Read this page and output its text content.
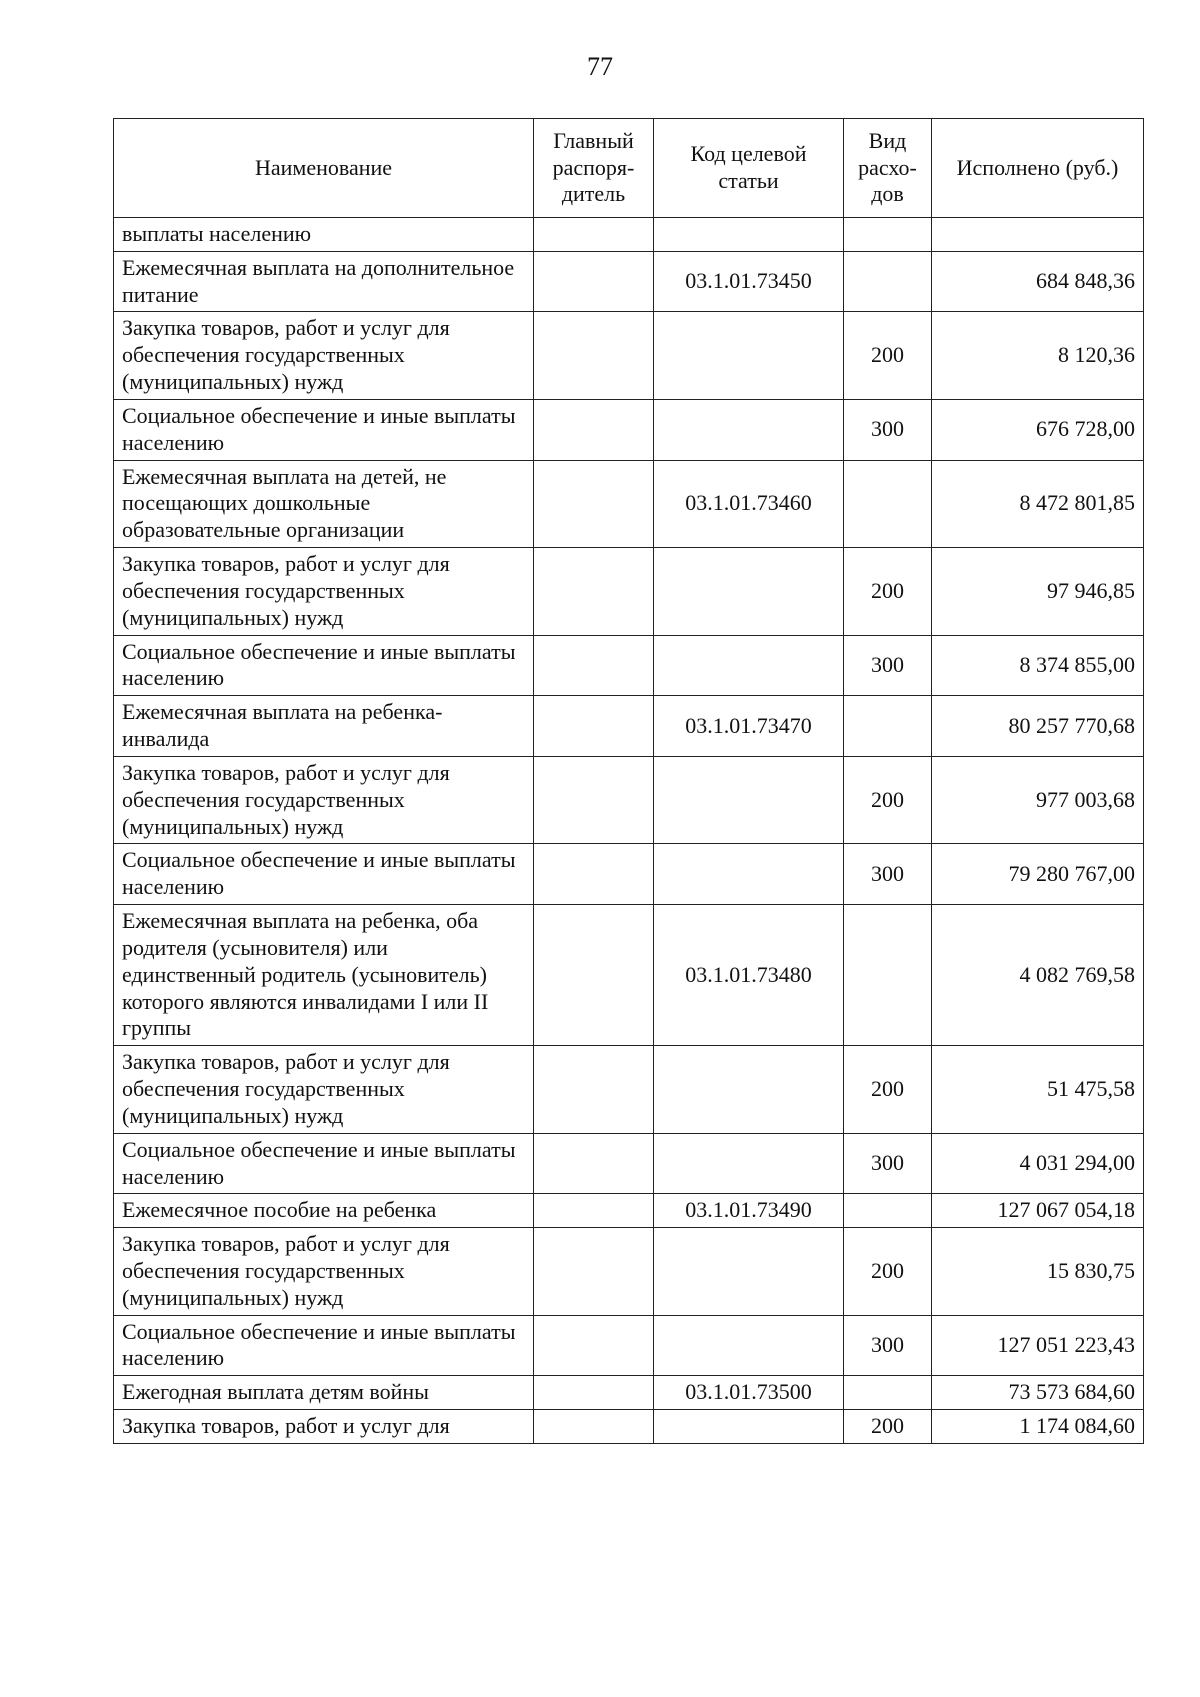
77
Наименование	Главный распоря-дитель	Код целевой статьи	Вид расхо-дов	Исполнено (руб.)
выплаты населению				
Ежемесячная выплата на дополнительное питание		03.1.01.73450		684 848,36
Закупка товаров, работ и услуг для обеспечения государственных (муниципальных) нужд			200	8 120,36
Социальное обеспечение и иные выплаты населению			300	676 728,00
Ежемесячная выплата на детей, не посещающих дошкольные образовательные организации		03.1.01.73460		8 472 801,85
Закупка товаров, работ и услуг для обеспечения государственных (муниципальных) нужд			200	97 946,85
Социальное обеспечение и иные выплаты населению			300	8 374 855,00
Ежемесячная выплата на ребенка-инвалида		03.1.01.73470		80 257 770,68
Закупка товаров, работ и услуг для обеспечения государственных (муниципальных) нужд			200	977 003,68
Социальное обеспечение и иные выплаты населению			300	79 280 767,00
Ежемесячная выплата на ребенка, оба родителя (усыновителя) или единственный родитель (усыновитель) которого являются инвалидами I или II группы		03.1.01.73480		4 082 769,58
Закупка товаров, работ и услуг для обеспечения государственных (муниципальных) нужд			200	51 475,58
Социальное обеспечение и иные выплаты населению			300	4 031 294,00
Ежемесячное пособие на ребенка		03.1.01.73490		127 067 054,18
Закупка товаров, работ и услуг для обеспечения государственных (муниципальных) нужд			200	15 830,75
Социальное обеспечение и иные выплаты населению			300	127 051 223,43
Ежегодная выплата детям войны		03.1.01.73500		73 573 684,60
Закупка товаров, работ и услуг для			200	1 174 084,60
